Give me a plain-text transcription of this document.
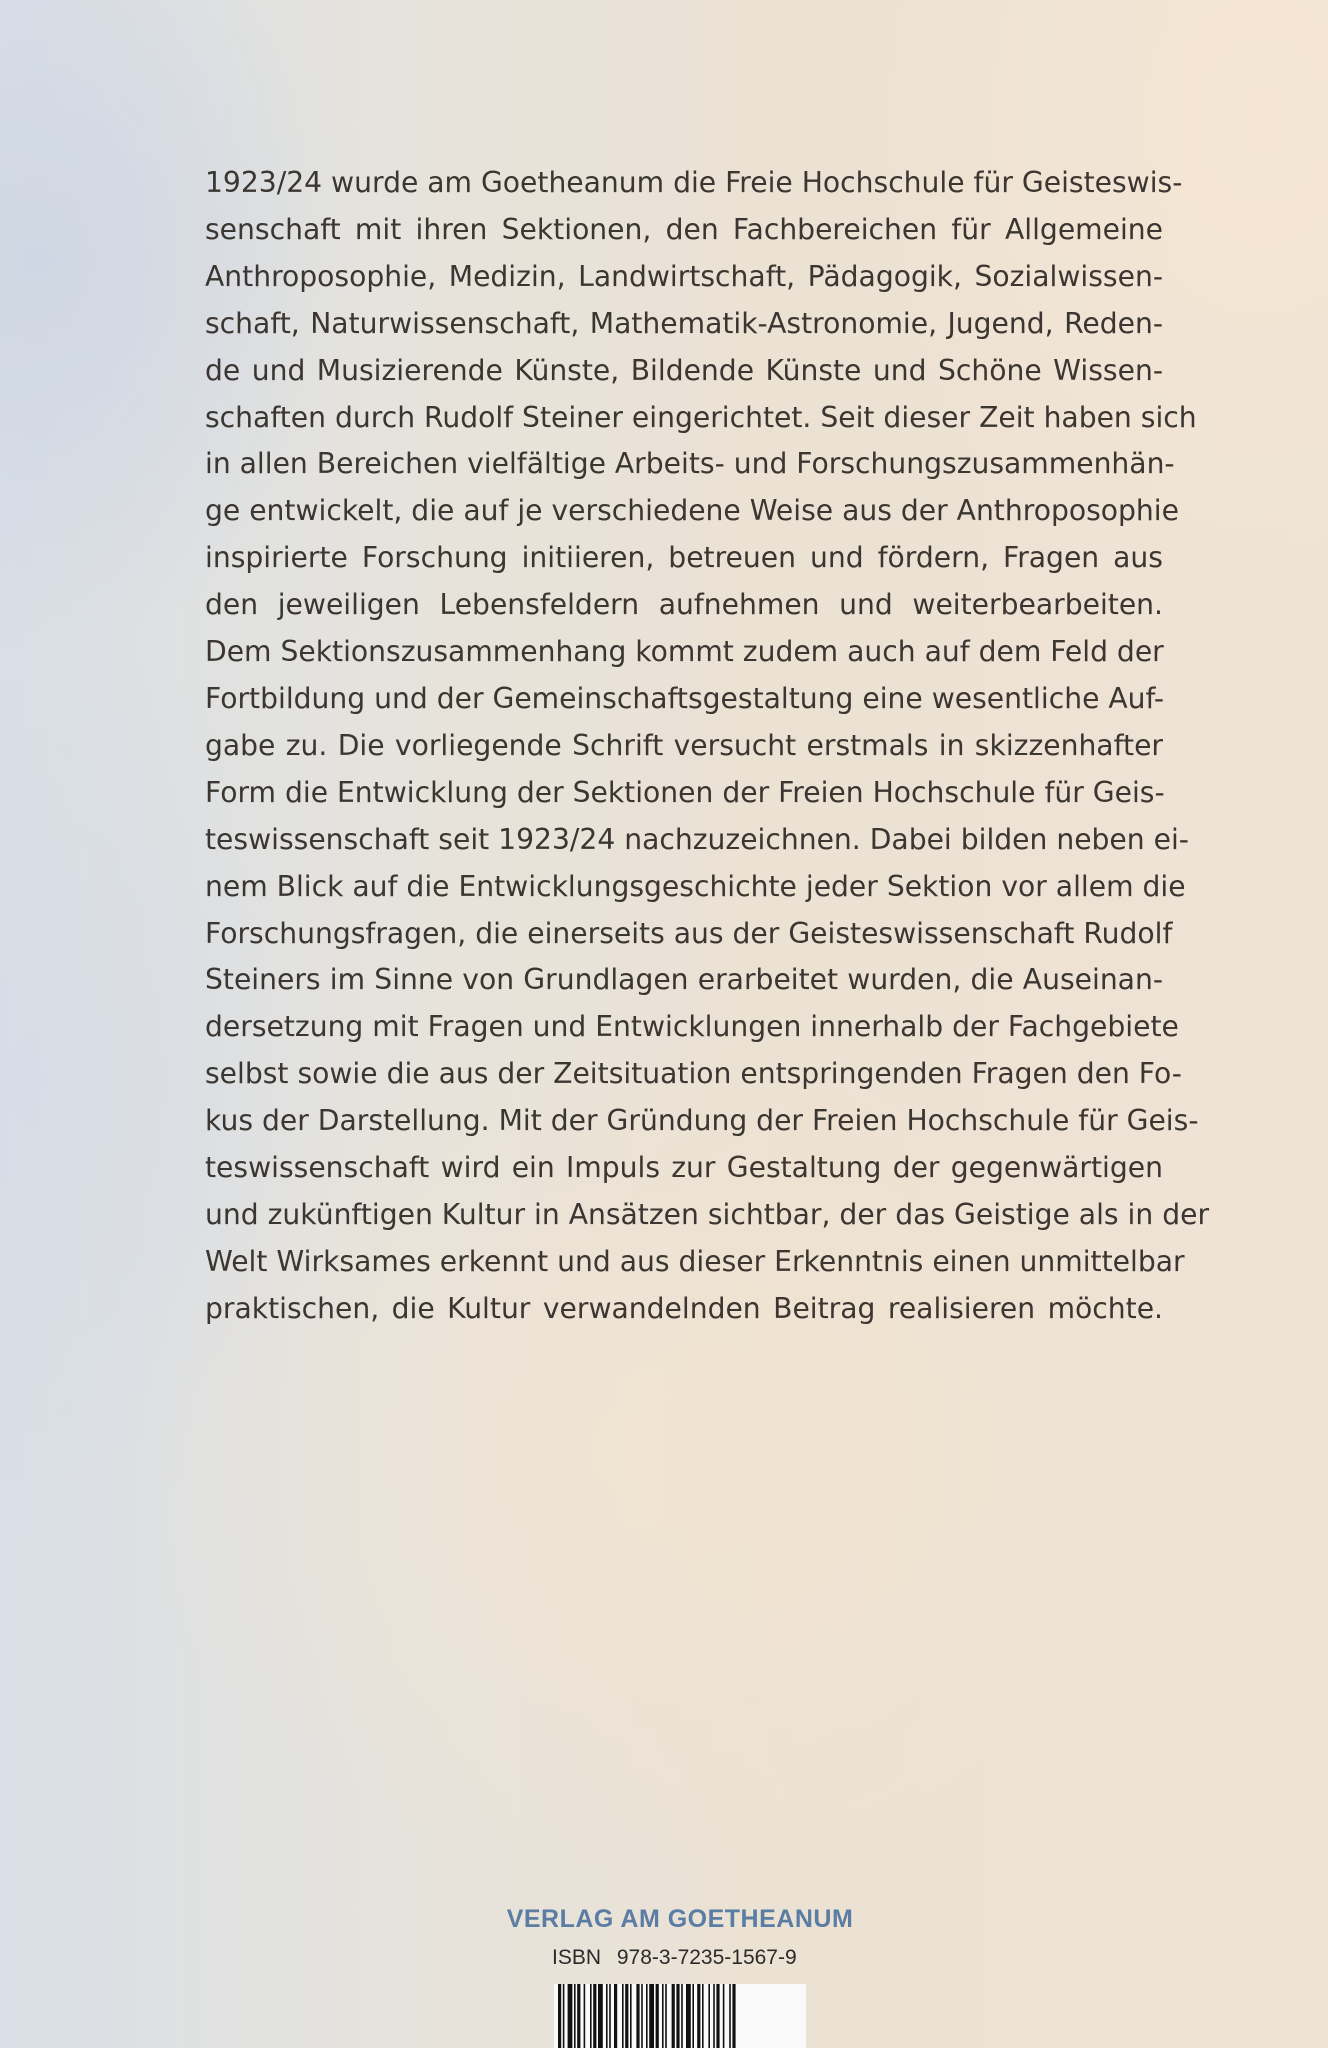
1923/24 wurde am Goetheanum die Freie Hochschule für Geisteswis-
senschaft mit ihren Sektionen, den Fachbereichen für Allgemeine
Anthroposophie, Medizin, Landwirtschaft, Pädagogik, Sozialwissen-
schaft, Naturwissenschaft, Mathematik-Astronomie, Jugend, Reden-
de und Musizierende Künste, Bildende Künste und Schöne Wissen-
schaften durch Rudolf Steiner eingerichtet. Seit dieser Zeit haben sich
in allen Bereichen vielfältige Arbeits- und Forschungszusammenhän-
ge entwickelt, die auf je verschiedene Weise aus der Anthroposophie
inspirierte Forschung initiieren, betreuen und fördern, Fragen aus
den jeweiligen Lebensfeldern aufnehmen und weiterbearbeiten.
Dem Sektionszusammenhang kommt zudem auch auf dem Feld der
Fortbildung und der Gemeinschaftsgestaltung eine wesentliche Auf-
gabe zu. Die vorliegende Schrift versucht erstmals in skizzenhafter
Form die Entwicklung der Sektionen der Freien Hochschule für Geis-
teswissenschaft seit 1923/24 nachzuzeichnen. Dabei bilden neben ei-
nem Blick auf die Entwicklungsgeschichte jeder Sektion vor allem die
Forschungsfragen, die einerseits aus der Geisteswissenschaft Rudolf
Steiners im Sinne von Grundlagen erarbeitet wurden, die Auseinan-
dersetzung mit Fragen und Entwicklungen innerhalb der Fachgebiete
selbst sowie die aus der Zeitsituation entspringenden Fragen den Fo-
kus der Darstellung. Mit der Gründung der Freien Hochschule für Geis-
teswissenschaft wird ein Impuls zur Gestaltung der gegenwärtigen
und zukünftigen Kultur in Ansätzen sichtbar, der das Geistige als in der
Welt Wirksames erkennt und aus dieser Erkenntnis einen unmittelbar
praktischen, die Kultur verwandelnden Beitrag realisieren möchte.
VERLAG AM GOETHEANUM
ISBN 978-3-7235-1567-9
